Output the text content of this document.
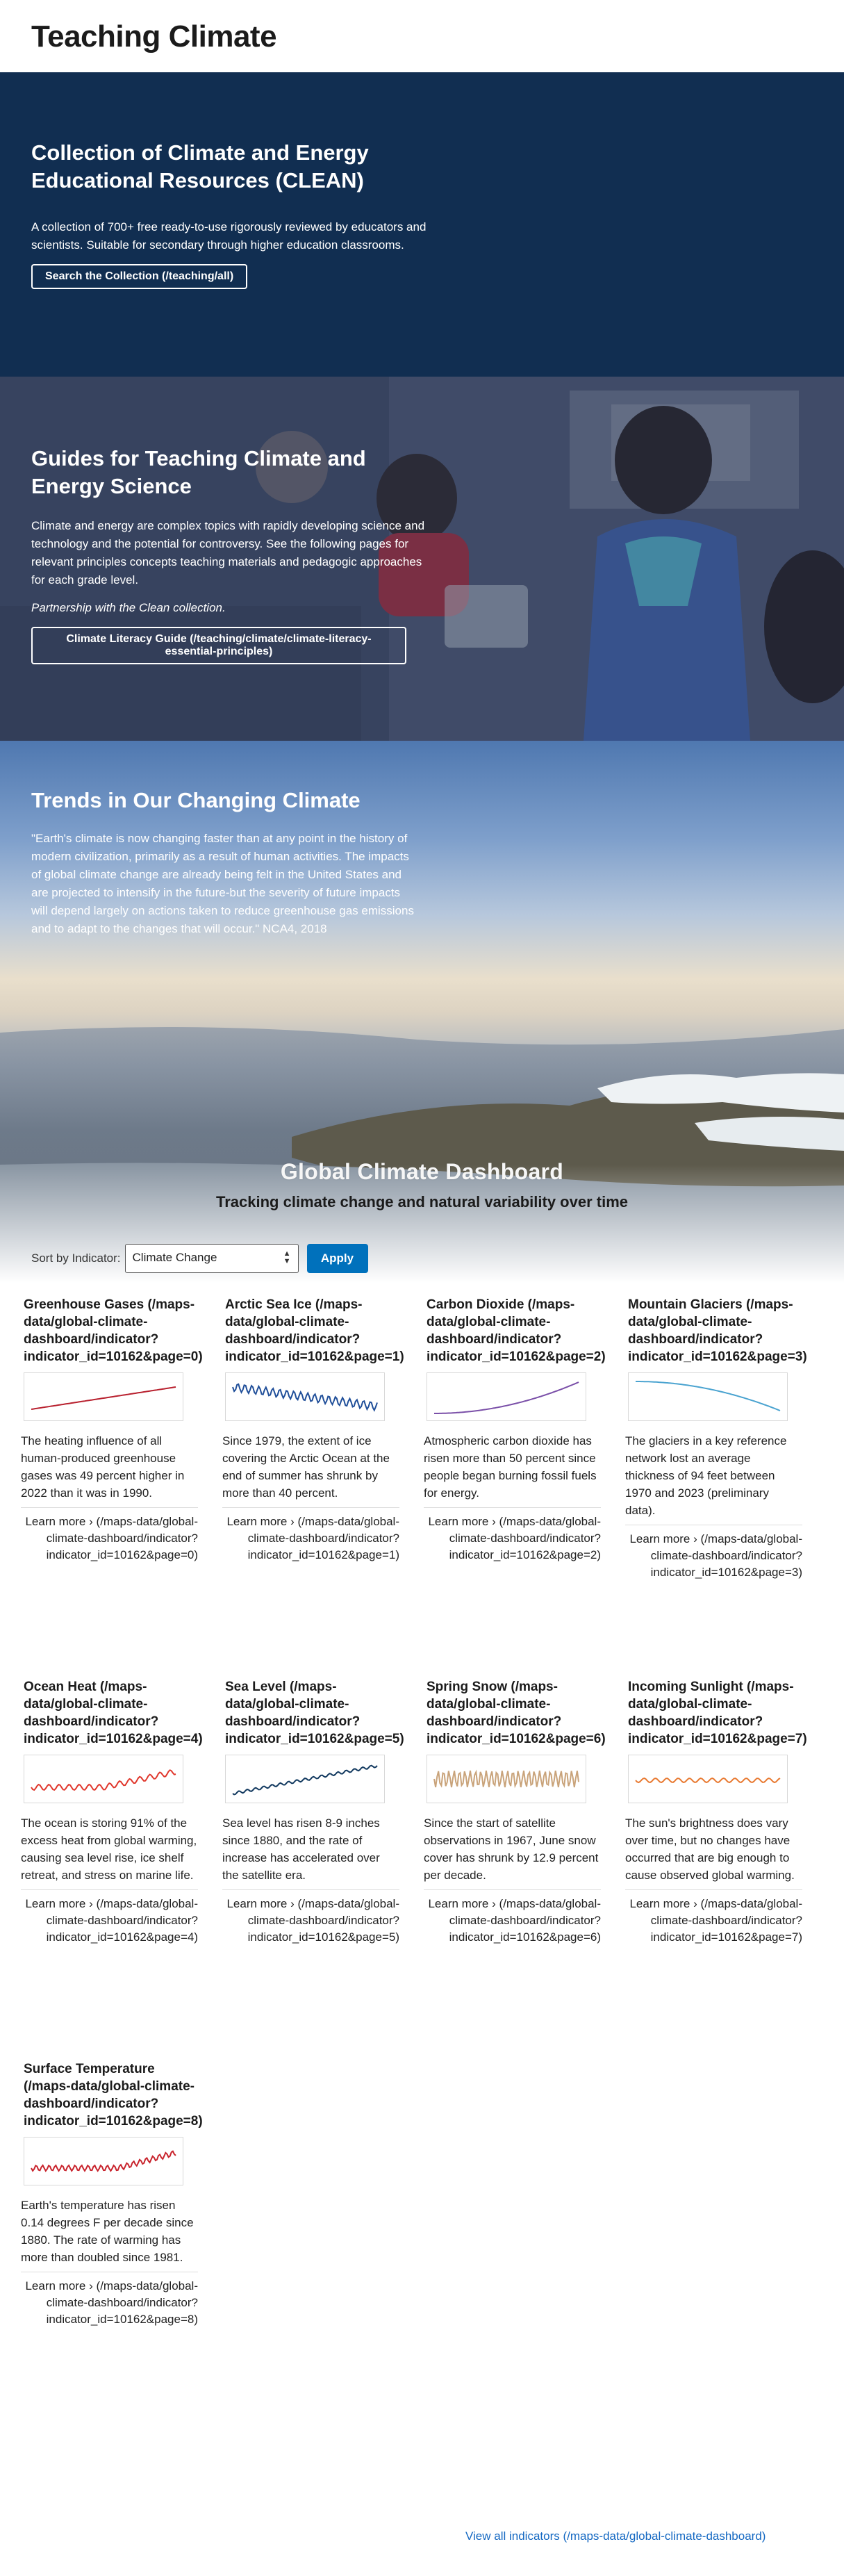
Teaching Climate
Collection of Climate and Energy Educational Resources (CLEAN)

A collection of 700+ free ready-to-use rigorously reviewed by educators and scientists. Suitable for secondary through higher education classrooms.

Search the Collection (/teaching/all)
Guides for Teaching Climate and Energy Science

Climate and energy are complex topics with rapidly developing science and technology and the potential for controversy. See the following pages for relevant principles concepts teaching materials and pedagogic approaches for each grade level.

Partnership with the Clean collection.

Climate Literacy Guide (/teaching/climate/climate-literacy-essential-principles)
Trends in Our Changing Climate

"Earth's climate is now changing faster than at any point in the history of modern civilization, primarily as a result of human activities. The impacts of global climate change are already being felt in the United States and are projected to intensify in the future-but the severity of future impacts will depend largely on actions taken to reduce greenhouse gas emissions and to adapt to the changes that will occur." NCA4, 2018

Global Climate Dashboard
Tracking climate change and natural variability over time
Sort by Indicator:	Climate Change	▲
▼	Apply
Greenhouse Gases (/maps-data/global-climate-dashboard/indicator?indicator_id=10162&page=0)

The heating influence of all human-produced greenhouse gases was 49 percent higher in 2022 than it was in 1990.

Learn more › (/maps-data/global-climate-dashboard/indicator?indicator_id=10162&page=0)
Arctic Sea Ice (/maps-data/global-climate-dashboard/indicator?indicator_id=10162&page=1)

Since 1979, the extent of ice covering the Arctic Ocean at the end of summer has shrunk by more than 40 percent.

Learn more › (/maps-data/global-climate-dashboard/indicator?indicator_id=10162&page=1)
Carbon Dioxide (/maps-data/global-climate-dashboard/indicator?indicator_id=10162&page=2)

Atmospheric carbon dioxide has risen more than 50 percent since people began burning fossil fuels for energy.

Learn more › (/maps-data/global-climate-dashboard/indicator?indicator_id=10162&page=2)
Mountain Glaciers (/maps-data/global-climate-dashboard/indicator?indicator_id=10162&page=3)

The glaciers in a key reference network lost an average thickness of 94 feet between 1970 and 2023 (preliminary data).

Learn more › (/maps-data/global-climate-dashboard/indicator?indicator_id=10162&page=3)
Ocean Heat (/maps-data/global-climate-dashboard/indicator?indicator_id=10162&page=4)

The ocean is storing 91% of the excess heat from global warming, causing sea level rise, ice shelf retreat, and stress on marine life.

Learn more › (/maps-data/global-climate-dashboard/indicator?indicator_id=10162&page=4)
Sea Level (/maps-data/global-climate-dashboard/indicator?indicator_id=10162&page=5)

Sea level has risen 8-9 inches since 1880, and the rate of increase has accelerated over the satellite era.

Learn more › (/maps-data/global-climate-dashboard/indicator?indicator_id=10162&page=5)
Spring Snow (/maps-data/global-climate-dashboard/indicator?indicator_id=10162&page=6)

Since the start of satellite observations in 1967, June snow cover has shrunk by 12.9 percent per decade.

Learn more › (/maps-data/global-climate-dashboard/indicator?indicator_id=10162&page=6)
Incoming Sunlight (/maps-data/global-climate-dashboard/indicator?indicator_id=10162&page=7)

The sun's brightness does vary over time, but no changes have occurred that are big enough to cause observed global warming.

Learn more › (/maps-data/global-climate-dashboard/indicator?indicator_id=10162&page=7)
Surface Temperature (/maps-data/global-climate-dashboard/indicator?indicator_id=10162&page=8)

Earth's temperature has risen 0.14 degrees F per decade since 1880. The rate of warming has more than doubled since 1981.

Learn more › (/maps-data/global-climate-dashboard/indicator?indicator_id=10162&page=8)
View all indicators (/maps-data/global-climate-dashboard)
